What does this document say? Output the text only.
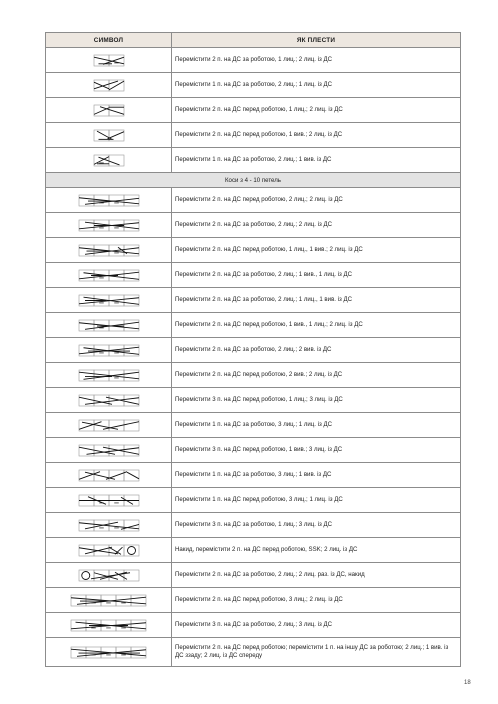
СИМВОЛ	ЯК ПЛЕСТИ

	Перемістити 2 п. на ДС за роботою, 1 лиц.; 2 лиц. із ДС

	Перемістити 1 п. на ДС за роботою, 2 лиц.; 1 лиц. із ДС

	Перемістити 2 п. на ДС перед роботою, 1 лиц.; 2 лиц. із ДС

	Перемістити 2 п. на ДС перед роботою, 1 вив.; 2 лиц. із ДС

	Перемістити 1 п. на ДС за роботою, 2 лиц.; 1 вив. із ДС
Коси з 4 - 10 петель	

	Перемістити 2 п. на ДС перед роботою, 2 лиц.; 2 лиц. із ДС

	Перемістити 2 п. на ДС за роботою, 2 лиц.; 2 лиц. із ДС

	Перемістити 2 п. на ДС перед роботою, 1 лиц., 1 вив.; 2 лиц. із ДС

	Перемістити 2 п. на ДС за роботою, 2 лиц.; 1 вив., 1 лиц. із ДС

	Перемістити 2 п. на ДС за роботою, 2 лиц.; 1 лиц., 1 вив. із ДС

	Перемістити 2 п. на ДС перед роботою, 1 вив., 1 лиц.; 2 лиц. із ДС

	Перемістити 2 п. на ДС за роботою, 2 лиц.; 2 вив. із ДС

	Перемістити 2 п. на ДС перед роботою, 2 вив.; 2 лиц. із ДС

	Перемістити 3 п. на ДС перед роботою, 1 лиц.; 3 лиц. із ДС

	Перемістити 1 п. на ДС за роботою, 3 лиц.; 1 лиц. із ДС

	Перемістити 3 п. на ДС перед роботою, 1 вив.; 3 лиц. із ДС

	Перемістити 1 п. на ДС за роботою, 3 лиц.; 1 вив. із ДС

	Перемістити 1 п. на ДС перед роботою, 3 лиц.; 1 лиц. із ДС

	Перемістити 3 п. на ДС за роботою, 1 лиц.; 3 лиц. із ДС

	Накид, перемістити 2 п. на ДС перед роботою, SSK; 2 лиц. із ДС

	Перемістити 2 п. на ДС за роботою, 2 лиц.; 2 лиц. раз. із ДС, накид

	Перемістити 2 п. на ДС перед роботою, 3 лиц.; 2 лиц. із ДС

	Перемістити 3 п. на ДС за роботою, 2 лиц.; 3 лиц. із ДС

	Перемістити 2 п. на ДС перед роботою; перемістити 1 п. на іншу ДС за роботою; 2 лиц.; 1 вив. із ДС ззаду; 2 лиц. із ДС спереду
18
